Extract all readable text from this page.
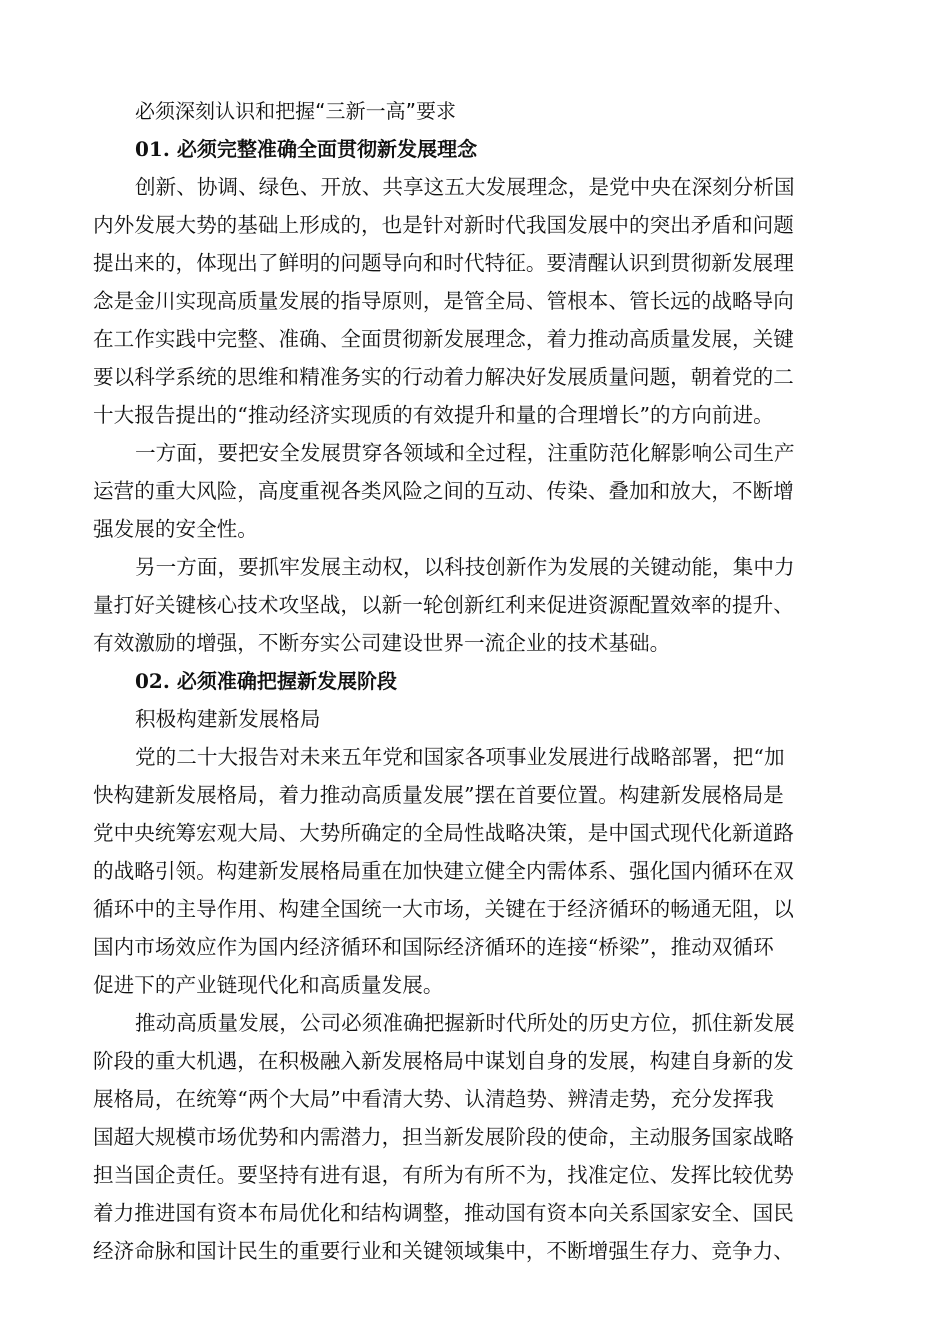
必须深刻认识和把握“三新一高”要求
01. 必须完整准确全面贯彻新发展理念
创新、协调、绿色、开放、共享这五大发展理念，是党中央在深刻分析国
内外发展大势的基础上形成的，也是针对新时代我国发展中的突出矛盾和问题
提出来的，体现出了鲜明的问题导向和时代特征。要清醒认识到贯彻新发展理
念是金川实现高质量发展的指导原则，是管全局、管根本、管长远的战略导向
在工作实践中完整、准确、全面贯彻新发展理念，着力推动高质量发展，关键
要以科学系统的思维和精准务实的行动着力解决好发展质量问题，朝着党的二
十大报告提出的“推动经济实现质的有效提升和量的合理增长”的方向前进。
一方面，要把安全发展贯穿各领域和全过程，注重防范化解影响公司生产
运营的重大风险，高度重视各类风险之间的互动、传染、叠加和放大，不断增
强发展的安全性。
另一方面，要抓牢发展主动权，以科技创新作为发展的关键动能，集中力
量打好关键核心技术攻坚战，以新一轮创新红利来促进资源配置效率的提升、
有效激励的增强，不断夯实公司建设世界一流企业的技术基础。
02. 必须准确把握新发展阶段
积极构建新发展格局
党的二十大报告对未来五年党和国家各项事业发展进行战略部署，把“加
快构建新发展格局，着力推动高质量发展”摆在首要位置。构建新发展格局是
党中央统筹宏观大局、大势所确定的全局性战略决策，是中国式现代化新道路
的战略引领。构建新发展格局重在加快建立健全内需体系、强化国内循环在双
循环中的主导作用、构建全国统一大市场，关键在于经济循环的畅通无阻，以
国内市场效应作为国内经济循环和国际经济循环的连接“桥梁”，推动双循环
促进下的产业链现代化和高质量发展。
推动高质量发展，公司必须准确把握新时代所处的历史方位，抓住新发展
阶段的重大机遇，在积极融入新发展格局中谋划自身的发展，构建自身新的发
展格局，在统筹“两个大局”中看清大势、认清趋势、辨清走势，充分发挥我
国超大规模市场优势和内需潜力，担当新发展阶段的使命，主动服务国家战略
担当国企责任。要坚持有进有退，有所为有所不为，找准定位、发挥比较优势
着力推进国有资本布局优化和结构调整，推动国有资本向关系国家安全、国民
经济命脉和国计民生的重要行业和关键领域集中，不断增强生存力、竞争力、
